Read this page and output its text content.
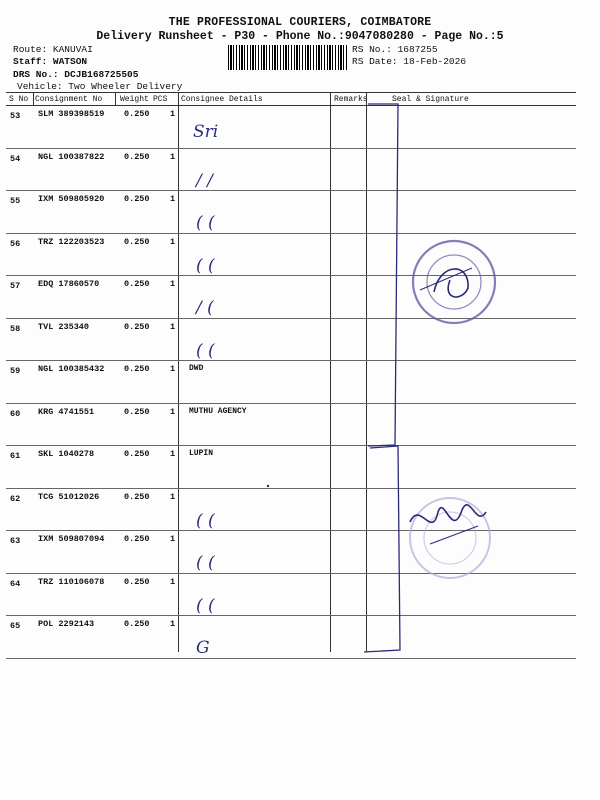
THE PROFESSIONAL COURIERS, COIMBATORE
Delivery Runsheet - P30 - Phone No.:9047080280 - Page No.:5
Route: KANUVAI
Staff: WATSON
DRS No.: DCJB168725505
Vehicle: Two Wheeler Delivery
RS No.: 1687255
RS Date: 18-Feb-2026
S No Consignment No Weight PCS Consignee Details	Remarks	Seal & Signature
53 SLM 389398519 0.250 1
Sri
54 NGL 100387822 0.250 1
/ /
55 IXM 509805920 0.250 1
( (
56 TRZ 122203523 0.250 1
( (
57 EDQ 17860570	0.250 1
/ (
58 TVL 235340	0.250 1
( (
59 NGL 100385432 0.250 1 DWD
60 KRG 4741551	0.250 1 MUTHU AGENCY
61 SKL 1040278	0.250 1 LUPIN
62 TCG 51012026	0.250 1
( (
63 IXM 509807094 0.250 1
( (
64 TRZ 110106078 0.250 1
( (
65 POL 2292143	0.250 1
G
